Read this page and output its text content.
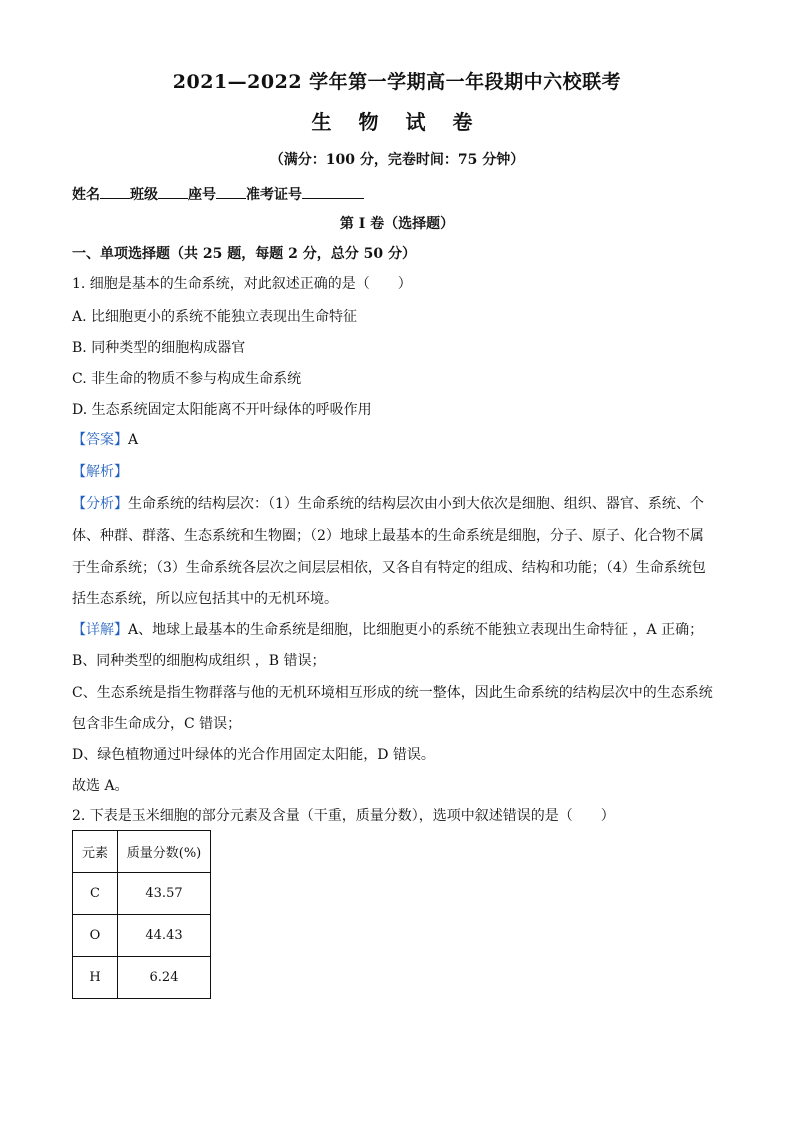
2021—2022 学年第一学期高一年段期中六校联考
生 物 试 卷
（满分：100 分，完卷时间：75 分钟）
姓名 班级 座号 准考证号
第 I 卷（选择题）
一、单项选择题（共 25 题，每题 2 分，总分 50 分）
1. 细胞是基本的生命系统，对此叙述正确的是（　　）
A. 比细胞更小的系统不能独立表现出生命特征
B. 同种类型的细胞构成器官
C. 非生命的物质不参与构成生命系统
D. 生态系统固定太阳能离不开叶绿体的呼吸作用
【答案】A
【解析】
【分析】生命系统的结构层次：（1）生命系统的结构层次由小到大依次是细胞、组织、器官、系统、个
体、种群、群落、生态系统和生物圈；（2）地球上最基本的生命系统是细胞，分子、原子、化合物不属
于生命系统；（3）生命系统各层次之间层层相依，又各自有特定的组成、结构和功能；（4）生命系统包
括生态系统，所以应包括其中的无机环境。
【详解】A、地球上最基本的生命系统是细胞，比细胞更小的系统不能独立表现出生命特征 ，A 正确；
B、同种类型的细胞构成组织 ，B 错误；
C、生态系统是指生物群落与他的无机环境相互形成的统一整体，因此生命系统的结构层次中的生态系统
包含非生命成分，C 错误；
D、绿色植物通过叶绿体的光合作用固定太阳能，D 错误。
故选 A。
2. 下表是玉米细胞的部分元素及含量（干重，质量分数），选项中叙述错误的是（　　）
元素	质量分数(%)
C	43.57
O	44.43
H	6.24
